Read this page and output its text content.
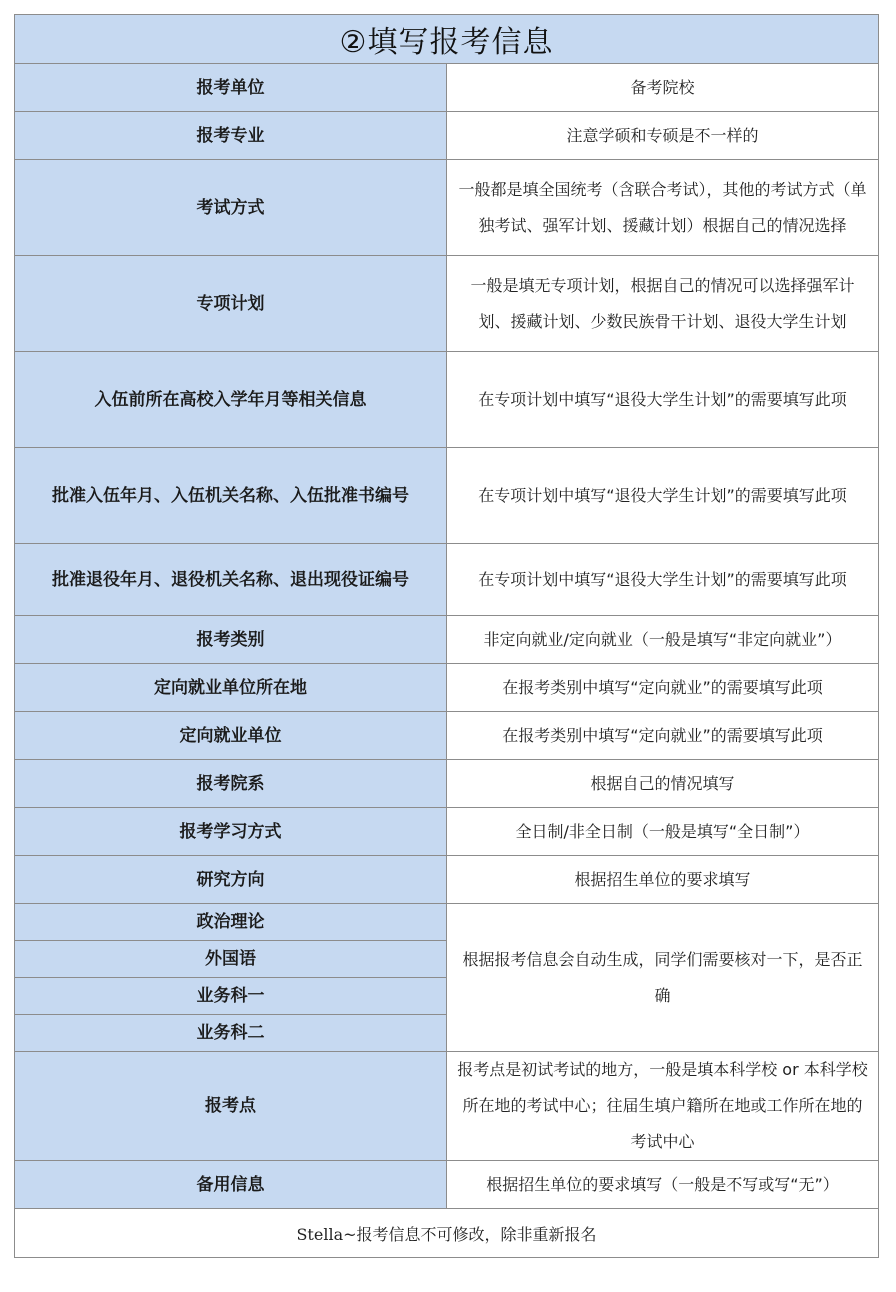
②填写报考信息	
报考单位	备考院校
报考专业	注意学硕和专硕是不一样的
考试方式	一般都是填全国统考（含联合考试），其他的考试方式（单独考试、强军计划、援藏计划）根据自己的情况选择
专项计划	一般是填无专项计划，根据自己的情况可以选择强军计划、援藏计划、少数民族骨干计划、退役大学生计划
入伍前所在高校入学年月等相关信息	在专项计划中填写“退役大学生计划”的需要填写此项
批准入伍年月、入伍机关名称、入伍批准书编号	在专项计划中填写“退役大学生计划”的需要填写此项
批准退役年月、退役机关名称、退出现役证编号	在专项计划中填写“退役大学生计划”的需要填写此项
报考类别	非定向就业/定向就业（一般是填写“非定向就业”）
定向就业单位所在地	在报考类别中填写“定向就业”的需要填写此项
定向就业单位	在报考类别中填写“定向就业”的需要填写此项
报考院系	根据自己的情况填写
报考学习方式	全日制/非全日制（一般是填写“全日制”）
研究方向	根据招生单位的要求填写
政治理论	根据报考信息会自动生成，同学们需要核对一下，是否正确
外国语	
业务科一	
业务科二	
报考点	报考点是初试考试的地方，一般是填本科学校 or 本科学校所在地的考试中心；往届生填户籍所在地或工作所在地的考试中心
备用信息	根据招生单位的要求填写（一般是不写或写“无”）
Stella~报考信息不可修改，除非重新报名	
